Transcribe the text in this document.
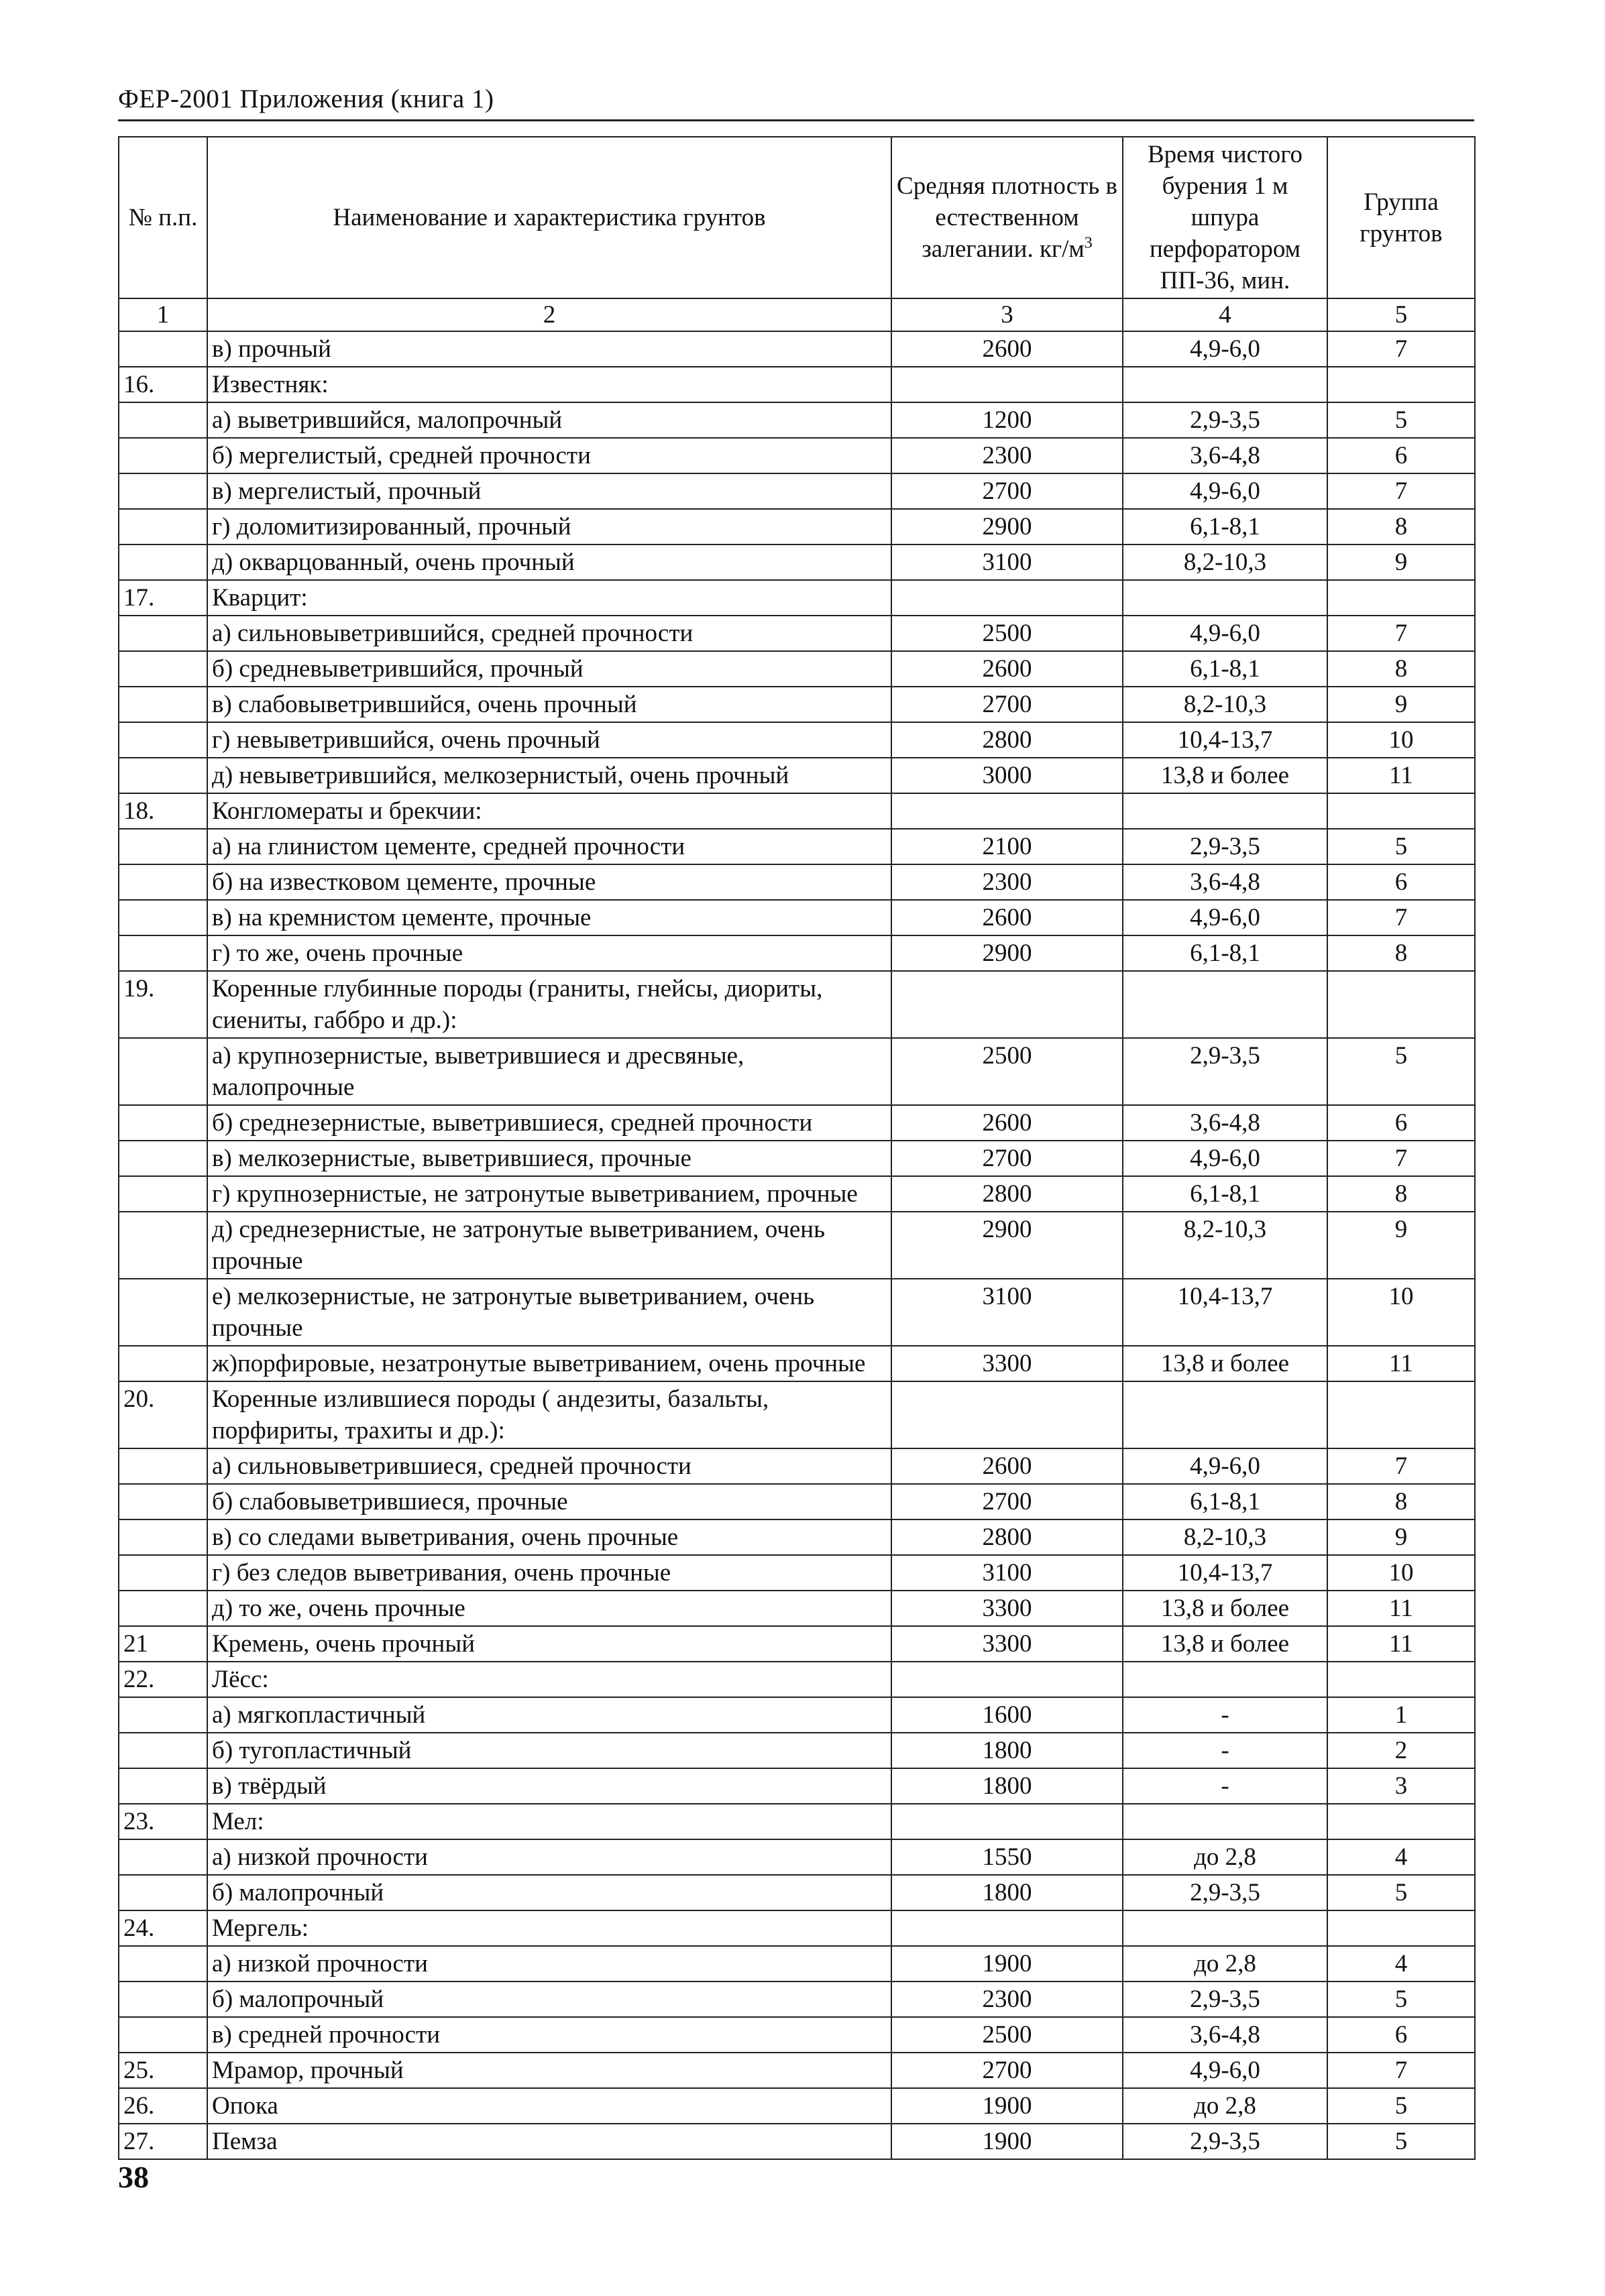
ФЕР-2001 Приложения (книга 1)
№ п.п.	Наименование и характеристика грунтов	Средняя плотность в естественном залегании. $кг/м^3$	Время чистого бурения 1 м шпура перфоратором ПП-36, мин.	Группа грунтов
1	2	3	4	5
	в) прочный	2600	4,9-6,0	7
16.	Известняк:			
	а) выветрившийся, малопрочный	1200	2,9-3,5	5
	б) мергелистый, средней прочности	2300	3,6-4,8	6
	в) мергелистый, прочный	2700	4,9-6,0	7
	г) доломитизированный, прочный	2900	6,1-8,1	8
	д) окварцованный, очень прочный	3100	8,2-10,3	9
17.	Кварцит:			
	а) сильновыветрившийся, средней прочности	2500	4,9-6,0	7
	б) средневыветрившийся, прочный	2600	6,1-8,1	8
	в) слабовыветрившийся, очень прочный	2700	8,2-10,3	9
	г) невыветрившийся, очень прочный	2800	10,4-13,7	10
	д) невыветрившийся, мелкозернистый, очень прочный	3000	13,8 и более	11
18.	Конгломераты и брекчии:			
	а) на глинистом цементе, средней прочности	2100	2,9-3,5	5
	б) на известковом цементе, прочные	2300	3,6-4,8	6
	в) на кремнистом цементе, прочные	2600	4,9-6,0	7
	г) то же, очень прочные	2900	6,1-8,1	8
19.	Коренные глубинные породы (граниты, гнейсы, диориты, сиениты, габбро и др.):			
	а) крупнозернистые, выветрившиеся и дресвяные, малопрочные	2500	2,9-3,5	5
	б) среднезернистые, выветрившиеся, средней прочности	2600	3,6-4,8	6
	в) мелкозернистые, выветрившиеся, прочные	2700	4,9-6,0	7
	г) крупнозернистые, не затронутые выветриванием, прочные	2800	6,1-8,1	8
	д) среднезернистые, не затронутые выветриванием, очень прочные	2900	8,2-10,3	9
	е) мелкозернистые, не затронутые выветриванием, очень прочные	3100	10,4-13,7	10
	ж)порфировые, незатронутые выветриванием, очень прочные	3300	13,8 и более	11
20.	Коренные излившиеся породы ( андезиты, базальты, порфириты, трахиты и др.):			
	а) сильновыветрившиеся, средней прочности	2600	4,9-6,0	7
	б) слабовыветрившиеся, прочные	2700	6,1-8,1	8
	в) со следами выветривания, очень прочные	2800	8,2-10,3	9
	г) без следов выветривания, очень прочные	3100	10,4-13,7	10
	д) то же, очень прочные	3300	13,8 и более	11
21	Кремень, очень прочный	3300	13,8 и более	11
22.	Лёсс:			
	а) мягкопластичный	1600	-	1
	б) тугопластичный	1800	-	2
	в) твёрдый	1800	-	3
23.	Мел:			
	а) низкой прочности	1550	до 2,8	4
	б) малопрочный	1800	2,9-3,5	5
24.	Мергель:			
	а) низкой прочности	1900	до 2,8	4
	б) малопрочный	2300	2,9-3,5	5
	в) средней прочности	2500	3,6-4,8	6
25.	Мрамор, прочный	2700	4,9-6,0	7
26.	Опока	1900	до 2,8	5
27.	Пемза	1900	2,9-3,5	5
38
